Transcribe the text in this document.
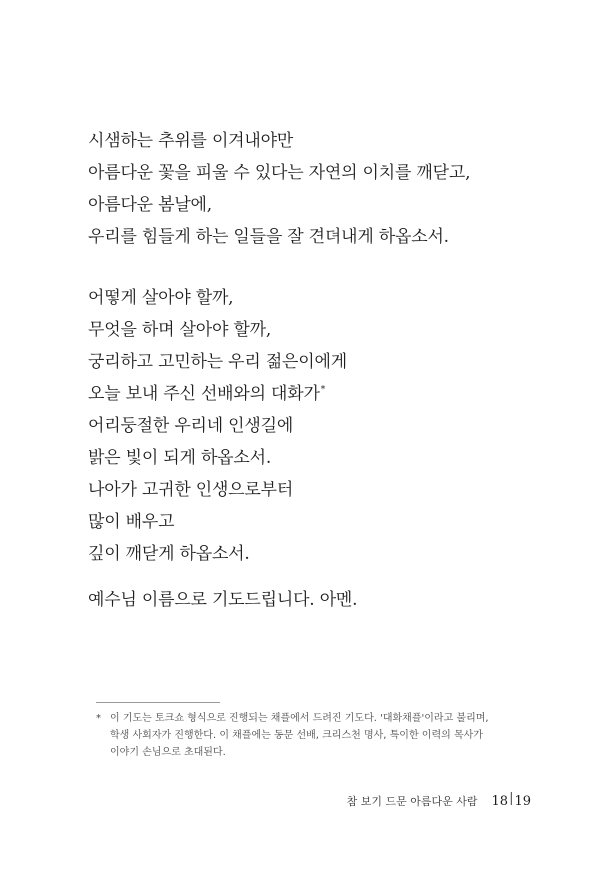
시샘하는 추위를 이겨내야만
아름다운 꽃을 피울 수 있다는 자연의 이치를 깨닫고,
아름다운 봄날에,
우리를 힘들게 하는 일들을 잘 견뎌내게 하옵소서.
어떻게 살아야 할까,
무엇을 하며 살아야 할까,
궁리하고 고민하는 우리 젊은이에게
오늘 보내 주신 선배와의 대화가*
어리둥절한 우리네 인생길에
밝은 빛이 되게 하옵소서.
나아가 고귀한 인생으로부터
많이 배우고
깊이 깨닫게 하옵소서.
예수님 이름으로 기도드립니다. 아멘.
* 이 기도는 토크쇼 형식으로 진행되는 채플에서 드려진 기도다. '대화채플'이라고 불리며,
학생 사회자가 진행한다. 이 채플에는 동문 선배, 크리스천 명사, 특이한 이력의 목사가
이야기 손님으로 초대된다.
참 보기 드문 아름다운 사람 18 | 19
